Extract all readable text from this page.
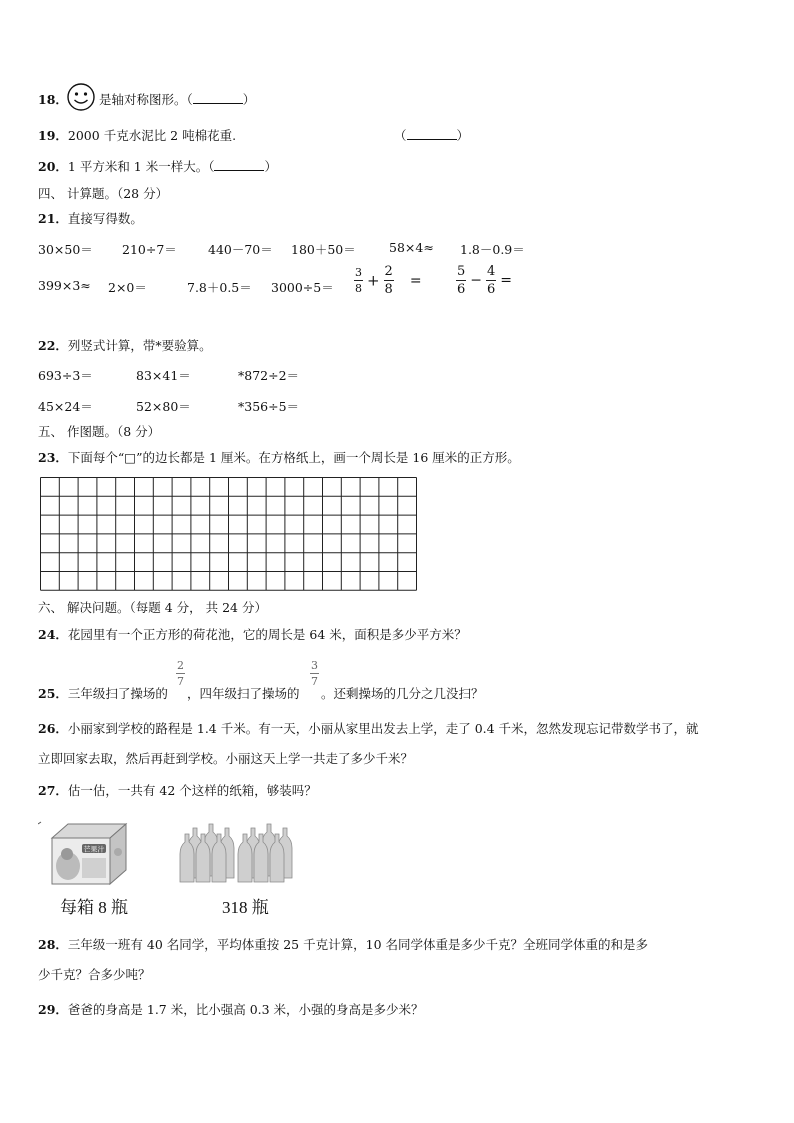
18． 是轴对称图形。（	）
19．2000 千克水泥比 2 吨棉花重.	（	）
20．1 平方米和 1 米一样大。（	）
四、 计算题。（28 分）
21．直接写得数。
30×50＝ 210÷7＝ 440－70＝ 180＋50＝	58×4≈ 1.8－0.9＝
399×3≈ 2×0＝	$7.8+0.5= 3000\div 5= \frac{3}{8} + \frac{2}{8}$ =	$\frac{5}{6} - \frac{4}{6}$ =
22．列竖式计算，带*要验算。
693÷3＝	83×41＝	*872÷2＝
45×24＝	52×80＝	*356÷5＝
五、 作图题。（8 分）
23．下面每个“□”的边长都是 1 厘米。在方格纸上，画一个周长是 16 厘米的正方形。
六、 解决问题。（每题 4 分， 共 24 分）
24．花园里有一个正方形的荷花池，它的周长是 64 米，面积是多少平方米？
25．三年级扫了操场的
$\frac{2}{7}$
，四年级扫了操场的
$\frac{3}{7}$
。还剩操场的几分之几没扫？
26．小丽家到学校的路程是 1.4 千米。有一天，小丽从家里出发去上学，走了 0.4 千米，忽然发现忘记带数学书了，就
立即回家去取，然后再赶到学校。小丽这天上学一共走了多少千米？
27．估一估，一共有 42 个这样的纸箱，够装吗？
芒果汁
每箱 8 瓶	318 瓶
28．三年级一班有 40 名同学，平均体重按 25 千克计算，10 名同学体重是多少千克？全班同学体重的和是多
少千克？合多少吨？
29．爸爸的身高是 1.7 米，比小强高 0.3 米，小强的身高是多少米？
